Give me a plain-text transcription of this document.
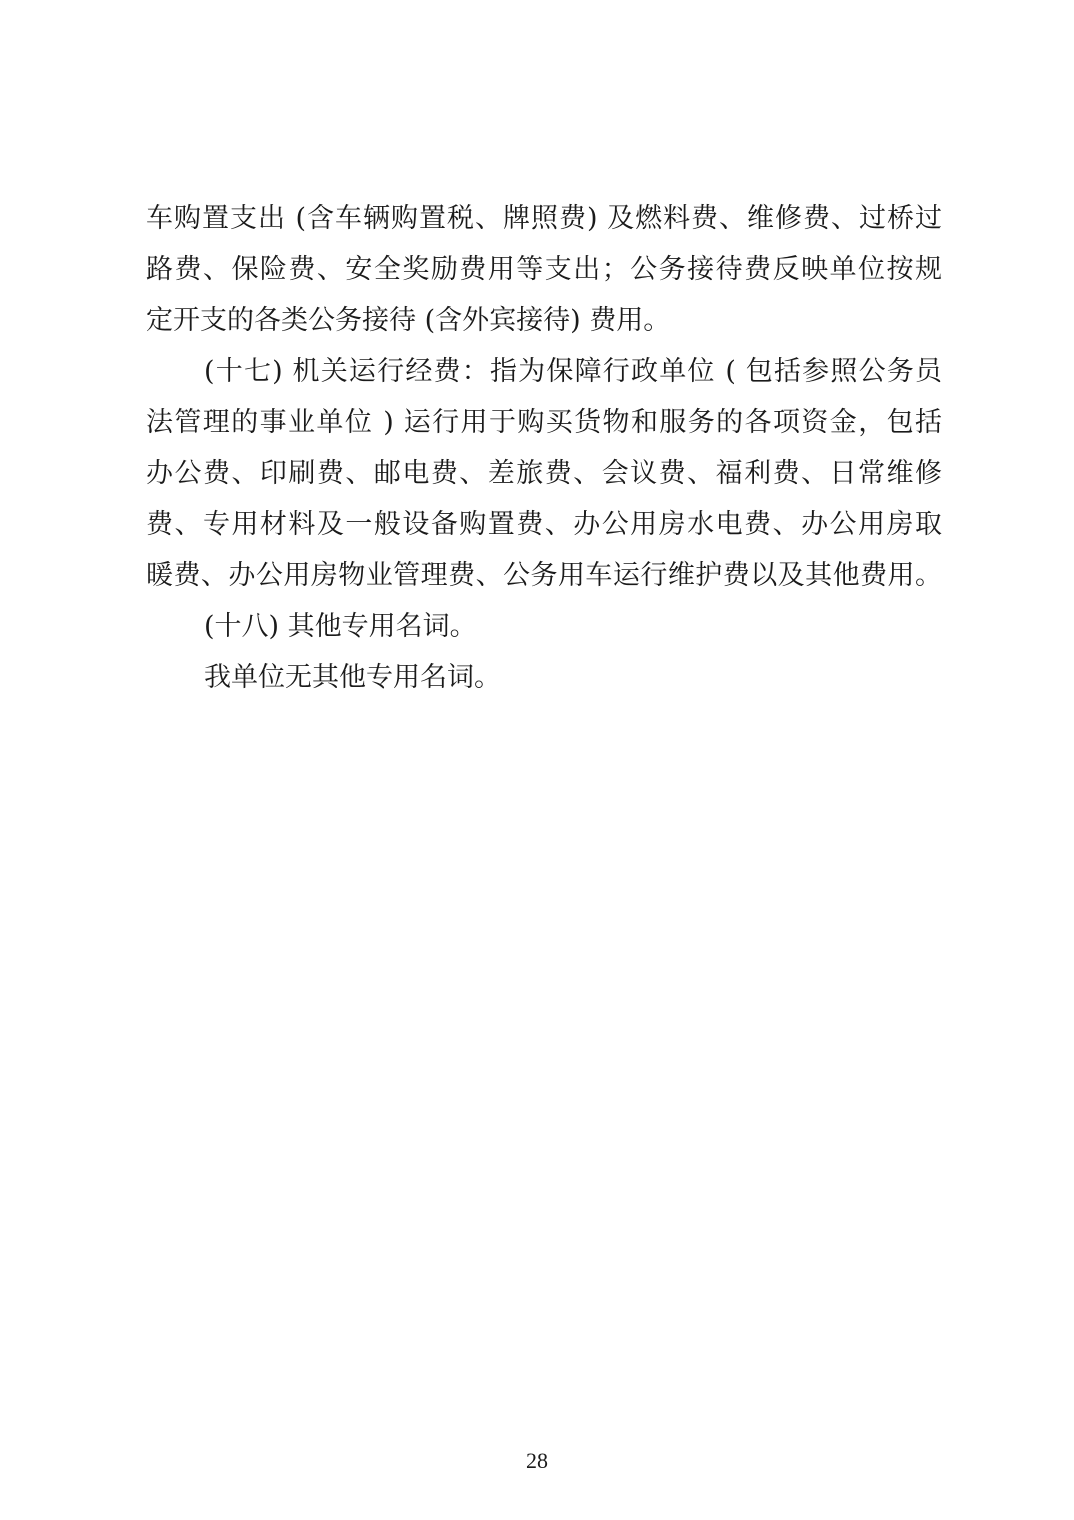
车购置支出 (含车辆购置税、牌照费) 及燃料费、维修费、过桥过
路费、保险费、安全奖励费用等支出；公务接待费反映单位按规
定开支的各类公务接待 (含外宾接待) 费用。
(十七) 机关运行经费：指为保障行政单位 ( 包括参照公务员
法管理的事业单位 ) 运行用于购买货物和服务的各项资金，包括
办公费、印刷费、邮电费、差旅费、会议费、福利费、日常维修
费、专用材料及一般设备购置费、办公用房水电费、办公用房取
暖费、办公用房物业管理费、公务用车运行维护费以及其他费用。
(十八) 其他专用名词。
我单位无其他专用名词。
28
